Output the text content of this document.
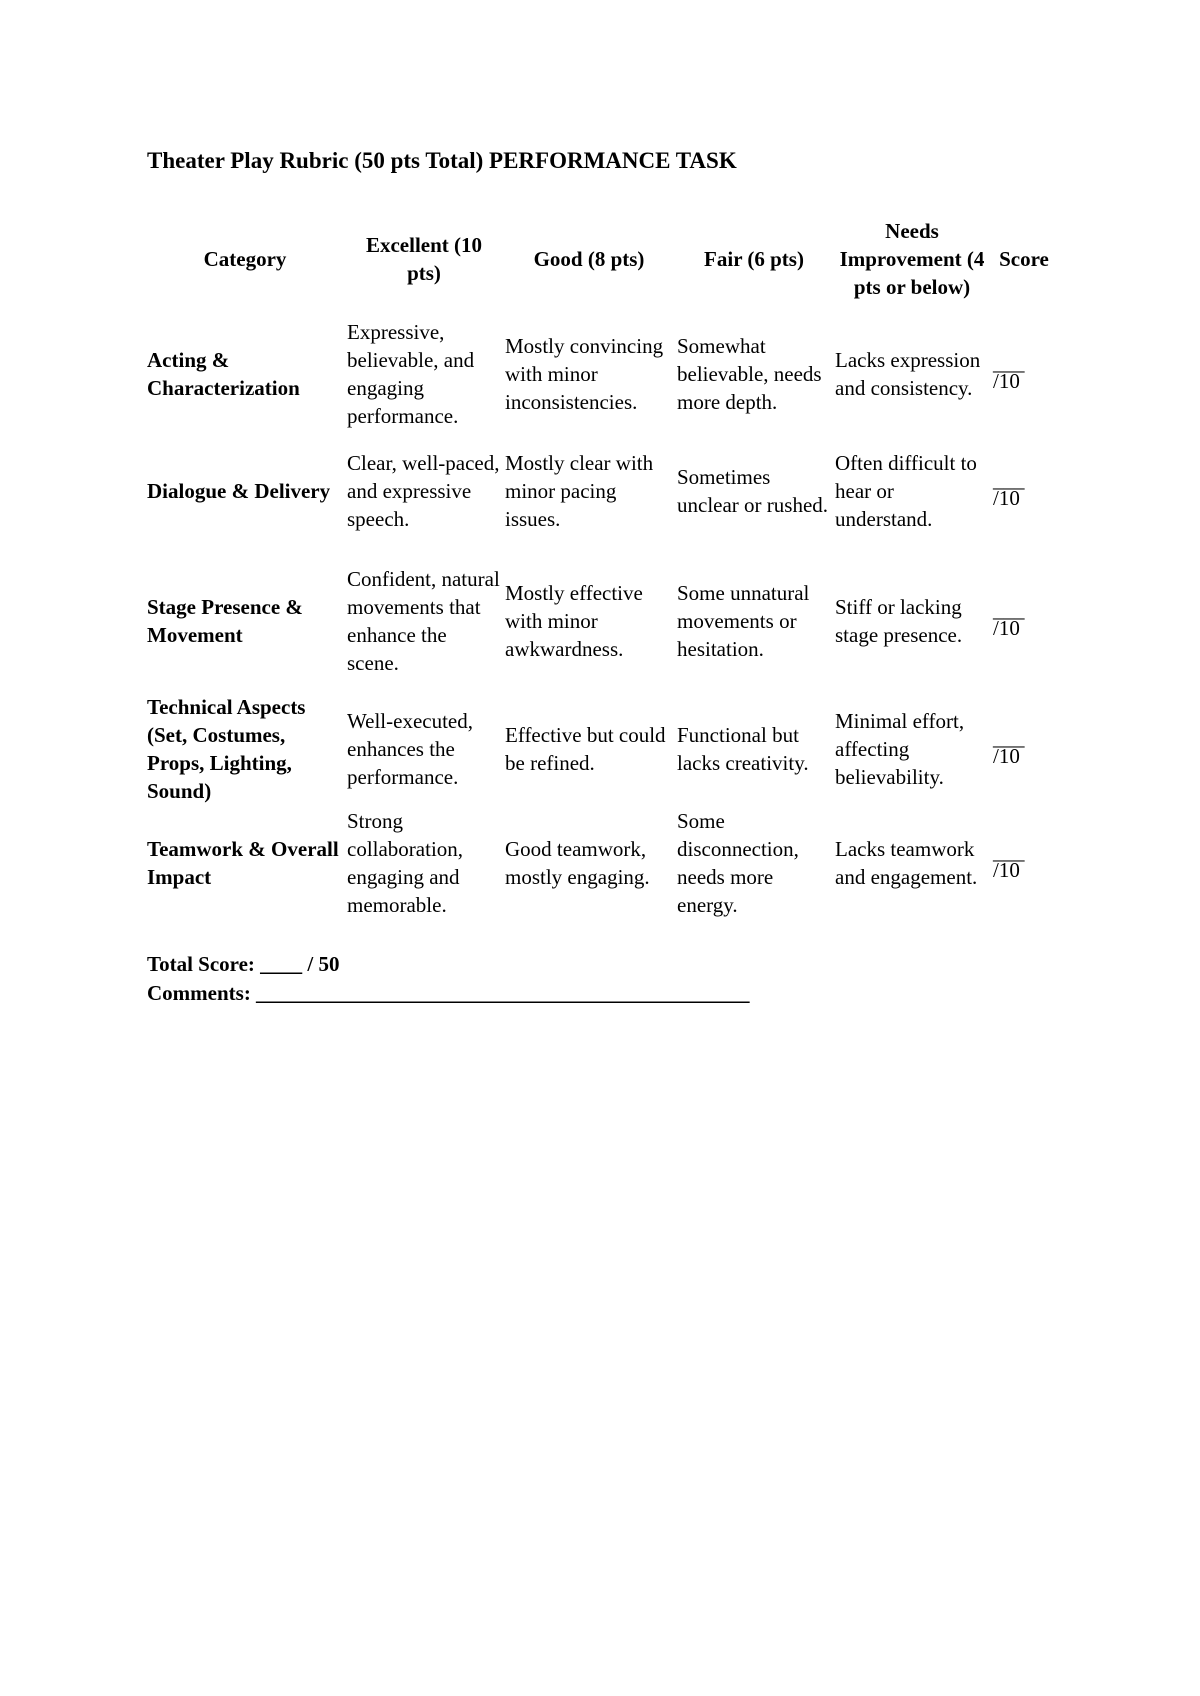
Theater Play Rubric (50 pts Total) PERFORMANCE TASK
Category	Excellent (10 pts)	Good (8 pts)	Fair (6 pts)	Needs Improvement (4 pts or below)	Score
Acting & Characterization	Expressive, believable, and engaging performance.	Mostly convincing with minor inconsistencies.	Somewhat believable, needs more depth.	Lacks expression and consistency.	___
/10

Dialogue & Delivery	Clear, well-paced, and expressive speech.	Mostly clear with minor pacing issues.	Sometimes unclear or rushed.	Often difficult to hear or understand.	___
/10

Stage Presence & Movement	Confident, natural movements that enhance the scene.	Mostly effective with minor awkwardness.	Some unnatural movements or hesitation.	Stiff or lacking stage presence.	___
/10

Technical Aspects (Set, Costumes, Props, Lighting, Sound)	Well-executed, enhances the performance.	Effective but could be refined.	Functional but lacks creativity.	Minimal effort, affecting believability.	___
/10

Teamwork & Overall Impact	Strong collaboration, engaging and memorable.	Good teamwork, mostly engaging.	Some disconnection, needs more energy.	Lacks teamwork and engagement.	___
/10
Total Score: ____ / 50
Comments: _______________________________________________
